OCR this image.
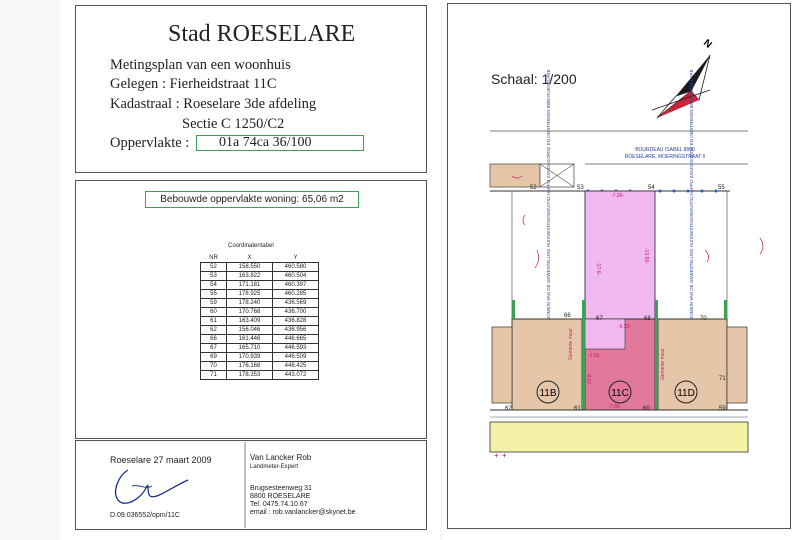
Stad ROESELARE
Metingsplan van een woonhuis
Gelegen : Fierheidstraat 11C
Kadastraal : Roeselare 3de afdeling
Sectie C 1250/C2
Oppervlakte :	01a 74ca 36/100
Bebouwde oppervlakte woning: 65,06 m2
Coordinatentabel
NR	X	Y
52	158.550	460.580
53	163.822	460.504
54	171.181	460.397
55	178.925	460.285
59	178.240	436.569
60	170.768	436.700
61	163.409	436.828
62	156.046	436.956
66	161.446	446.665
67	165.710	446.593
69	170.939	446.509
70	176.168	446.425
71	178.353	443.072
Roeselare 27 maart 2009
D.09.036552/opm/11C
Van Lancker Rob
Landmeter-Expert
Brugsesteenweg 31
8800 ROESELARE
Tel. 0475.74.10.67
email : rob.vanlancker@skynet.be
Schaal: 1/200
N
BOURDEAU ISABEL 8800
ROESELARE, MOERINGSTRAAT 6
11B	11C	11D
52	53	54	55
66	67	68	70
71
62	61	60	59
-7.36-
-17.6-
-13.59-
-5.23-
-2.53-
-7.36-
-8.07-
Gemene muur
Gemene muur
DOMEIN VAN DE GEWESTELIJKE HUISVESTINGSMAATSCHAPPIJ ZANDVOORDE EN OMSTREKEN 8800 ROESELARE	DOMEIN VAN DE GEWESTELIJKE HUISVESTINGSMAATSCHAPPIJ ZANDVOORDE EN OMSTREKEN 8800 ROESELARE
+ +
